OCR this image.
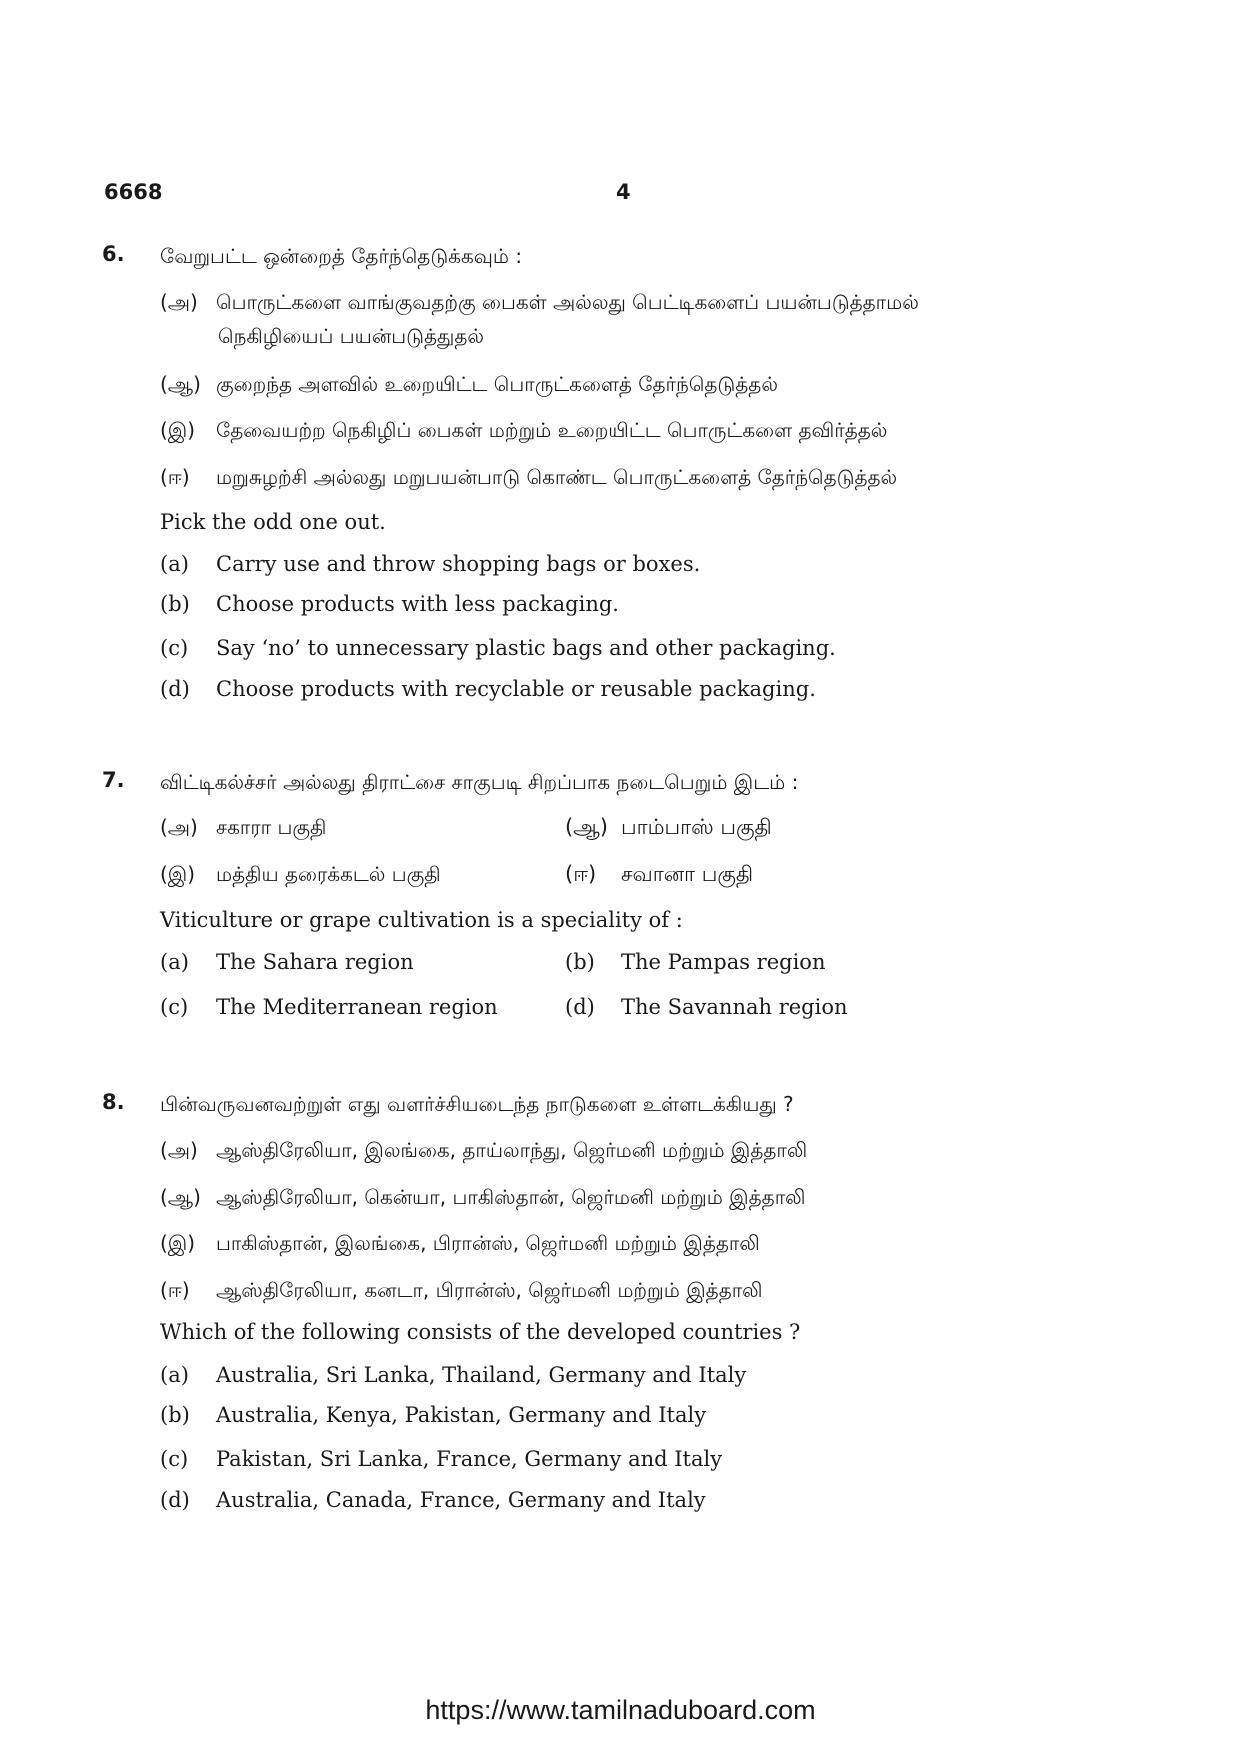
6668	4
6. வேறுபட்ட ஒன்றைத் தேர்ந்தெடுக்கவும் :
(அ) பொருட்களை வாங்குவதற்கு பைகள் அல்லது பெட்டிகளைப் பயன்படுத்தாமல்
நெகிழியைப் பயன்படுத்துதல்
(ஆ) குறைந்த அளவில் உறையிட்ட பொருட்களைத் தேர்ந்தெடுத்தல்
(இ) தேவையற்ற நெகிழிப் பைகள் மற்றும் உறையிட்ட பொருட்களை தவிர்த்தல்
(ஈ) மறுசுழற்சி அல்லது மறுபயன்பாடு கொண்ட பொருட்களைத் தேர்ந்தெடுத்தல்
Pick the odd one out.
(a) Carry use and throw shopping bags or boxes.
(b) Choose products with less packaging.
(c) Say ‘no’ to unnecessary plastic bags and other packaging.
(d) Choose products with recyclable or reusable packaging.
7. விட்டிகல்ச்சர் அல்லது திராட்சை சாகுபடி சிறப்பாக நடைபெறும் இடம் :
(அ) சகாரா பகுதி	(ஆ) பாம்பாஸ் பகுதி
(இ) மத்திய தரைக்கடல் பகுதி	(ஈ) சவானா பகுதி
Viticulture or grape cultivation is a speciality of :
(a) The Sahara region	(b) The Pampas region
(c) The Mediterranean region	(d) The Savannah region
8. பின்வருவனவற்றுள் எது வளர்ச்சியடைந்த நாடுகளை உள்ளடக்கியது ?
(அ) ஆஸ்திரேலியா, இலங்கை, தாய்லாந்து, ஜெர்மனி மற்றும் இத்தாலி
(ஆ) ஆஸ்திரேலியா, கென்யா, பாகிஸ்தான், ஜெர்மனி மற்றும் இத்தாலி
(இ) பாகிஸ்தான், இலங்கை, பிரான்ஸ், ஜெர்மனி மற்றும் இத்தாலி
(ஈ) ஆஸ்திரேலியா, கனடா, பிரான்ஸ், ஜெர்மனி மற்றும் இத்தாலி
Which of the following consists of the developed countries ?
(a) Australia, Sri Lanka, Thailand, Germany and Italy
(b) Australia, Kenya, Pakistan, Germany and Italy
(c) Pakistan, Sri Lanka, France, Germany and Italy
(d) Australia, Canada, France, Germany and Italy
https://www.tamilnaduboard.com
